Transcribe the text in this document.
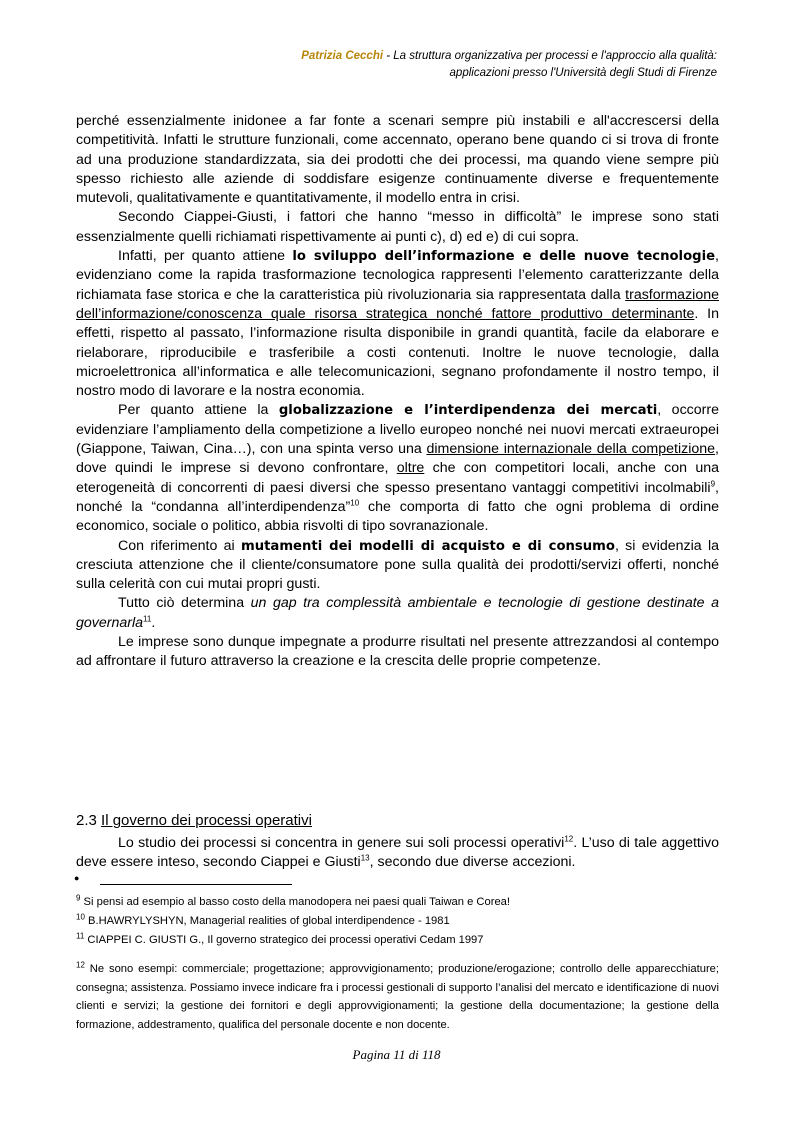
Patrizia Cecchi - La struttura organizzativa per processi e l'approccio alla qualità:
applicazioni presso l'Università degli Studi di Firenze

perché essenzialmente inidonee a far fonte a scenari sempre più instabili e all'accrescersi della competitività. Infatti le strutture funzionali, come accennato, operano bene quando ci si trova di fronte ad una produzione standardizzata, sia dei prodotti che dei processi, ma quando viene sempre più spesso richiesto alle aziende di soddisfare esigenze continuamente diverse e frequentemente mutevoli, qualitativamente e quantitativamente, il modello entra in crisi.

Secondo Ciappei-Giusti, i fattori che hanno “messo in difficoltà” le imprese sono stati essenzialmente quelli richiamati rispettivamente ai punti c), d) ed e) di cui sopra.

Infatti, per quanto attiene lo sviluppo dell’informazione e delle nuove tecnologie, evidenziano come la rapida trasformazione tecnologica rappresenti l’elemento caratterizzante della richiamata fase storica e che la caratteristica più rivoluzionaria sia rappresentata dalla trasformazione dell’informazione/conoscenza quale risorsa strategica nonché fattore produttivo determinante. In effetti, rispetto al passato, l’informazione risulta disponibile in grandi quantità, facile da elaborare e rielaborare, riproducibile e trasferibile a costi contenuti. Inoltre le nuove tecnologie, dalla microelettronica all’informatica e alle telecomunicazioni, segnano profondamente il nostro tempo, il nostro modo di lavorare e la nostra economia.

Per quanto attiene la globalizzazione e l’interdipendenza dei mercati, occorre evidenziare l’ampliamento della competizione a livello europeo nonché nei nuovi mercati extraeuropei (Giappone, Taiwan, Cina…), con una spinta verso una dimensione internazionale della competizione, dove quindi le imprese si devono confrontare, oltre che con competitori locali, anche con una eterogeneità di concorrenti di paesi diversi che spesso presentano vantaggi competitivi incolmabili$^9$, nonché la “condanna all’interdipendenza”$^{10}$ che comporta di fatto che ogni problema di ordine economico, sociale o politico, abbia risvolti di tipo sovranazionale.

Con riferimento ai mutamenti dei modelli di acquisto e di consumo, si evidenzia la cresciuta attenzione che il cliente/consumatore pone sulla qualità dei prodotti/servizi offerti, nonché sulla celerità con cui mutai propri gusti.

Tutto ciò determina un gap tra complessità ambientale e tecnologie di gestione destinate a governarla$^{11}$.

Le imprese sono dunque impegnate a produrre risultati nel presente attrezzandosi al contempo ad affrontare il futuro attraverso la creazione e la crescita delle proprie competenze.

2.3 Il governo dei processi operativi

Lo studio dei processi si concentra in genere sui soli processi operativi$^{12}$. L’uso di tale aggettivo deve essere inteso, secondo Ciappei e Giusti$^{13}$, secondo due diverse accezioni.

●

$^9$ Si pensi ad esempio al basso costo della manodopera nei paesi quali Taiwan e Corea!

$^{10}$ B.HAWRYLYSHYN, Managerial realities of global interdipendence - 1981

$^{11}$ CIAPPEI C. GIUSTI G., Il governo strategico dei processi operativi Cedam 1997

$^{12}$ Ne sono esempi: commerciale; progettazione; approvvigionamento; produzione/erogazione; controllo delle apparecchiature; consegna; assistenza. Possiamo invece indicare fra i processi gestionali di supporto l’analisi del mercato e identificazione di nuovi clienti e servizi; la gestione dei fornitori e degli approvvigionamenti; la gestione della documentazione; la gestione della formazione, addestramento, qualifica del personale docente e non docente.

Pagina 11 di 118
